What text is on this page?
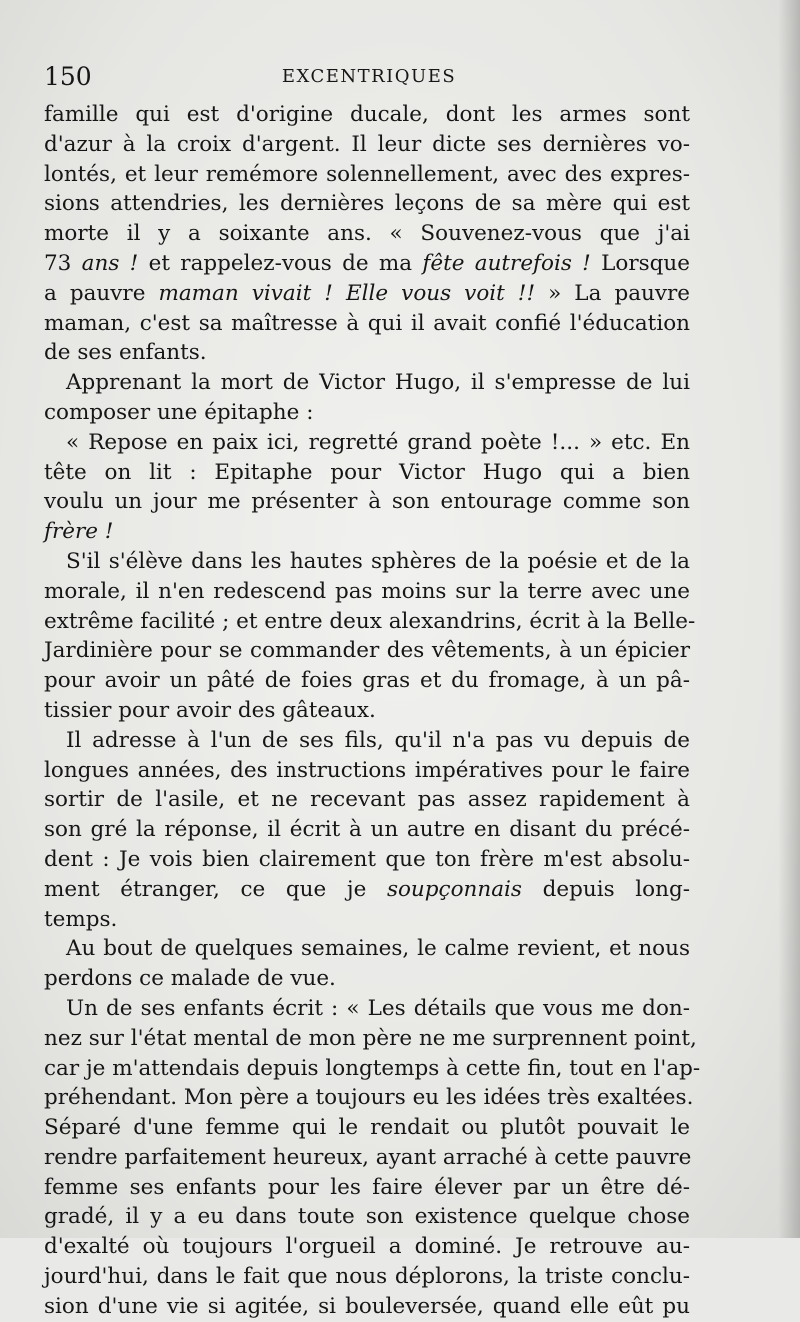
150	EXCENTRIQUES
famille qui est d'origine ducale, dont les armes sont
d'azur à la croix d'argent. Il leur dicte ses dernières vo-
lontés, et leur remémore solennellement, avec des expres-
sions attendries, les dernières leçons de sa mère qui est
morte il y a soixante ans. « Souvenez-vous que j'ai
73 ans ! et rappelez-vous de ma fête autrefois ! Lorsque
a pauvre maman vivait ! Elle vous voit !! » La pauvre
maman, c'est sa maîtresse à qui il avait confié l'éducation
de ses enfants.
Apprenant la mort de Victor Hugo, il s'empresse de lui
composer une épitaphe :
« Repose en paix ici, regretté grand poète !... » etc. En
tête on lit : Epitaphe pour Victor Hugo qui a bien
voulu un jour me présenter à son entourage comme son
frère !
S'il s'élève dans les hautes sphères de la poésie et de la
morale, il n'en redescend pas moins sur la terre avec une
extrême facilité ; et entre deux alexandrins, écrit à la Belle-
Jardinière pour se commander des vêtements, à un épicier
pour avoir un pâté de foies gras et du fromage, à un pâ-
tissier pour avoir des gâteaux.
Il adresse à l'un de ses fils, qu'il n'a pas vu depuis de
longues années, des instructions impératives pour le faire
sortir de l'asile, et ne recevant pas assez rapidement à
son gré la réponse, il écrit à un autre en disant du précé-
dent : Je vois bien clairement que ton frère m'est absolu-
ment étranger, ce que je soupçonnais depuis long-
temps.
Au bout de quelques semaines, le calme revient, et nous
perdons ce malade de vue.
Un de ses enfants écrit : « Les détails que vous me don-
nez sur l'état mental de mon père ne me surprennent point,
car je m'attendais depuis longtemps à cette fin, tout en l'ap-
préhendant. Mon père a toujours eu les idées très exaltées.
Séparé d'une femme qui le rendait ou plutôt pouvait le
rendre parfaitement heureux, ayant arraché à cette pauvre
femme ses enfants pour les faire élever par un être dé-
gradé, il y a eu dans toute son existence quelque chose
d'exalté où toujours l'orgueil a dominé. Je retrouve au-
jourd'hui, dans le fait que nous déplorons, la triste conclu-
sion d'une vie si agitée, si bouleversée, quand elle eût pu
